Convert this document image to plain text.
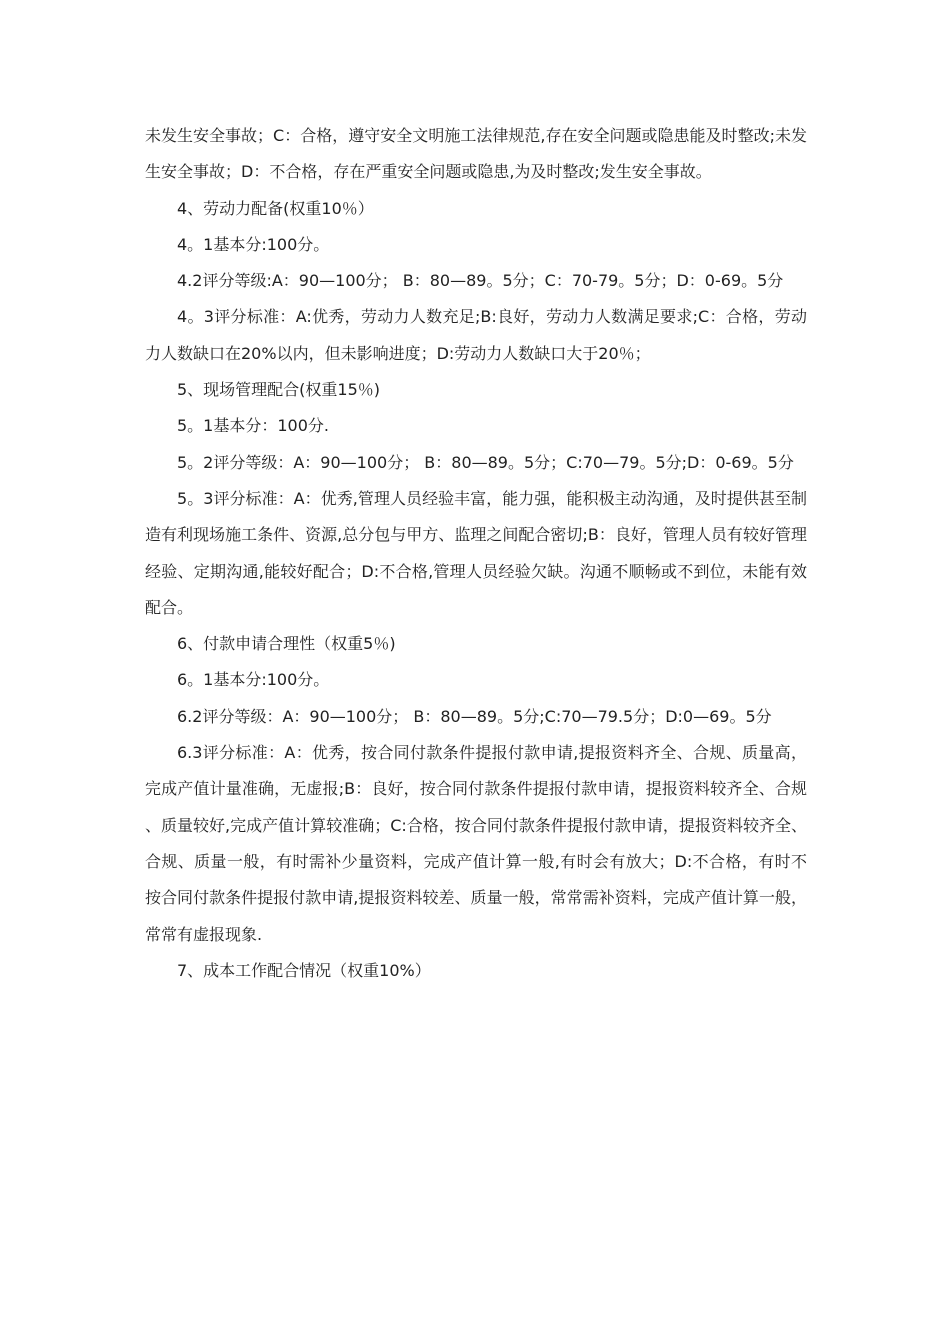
未发生安全事故；C：合格，遵守安全文明施工法律规范,存在安全问题或隐患能及时整改;未发生安全事故；D：不合格，存在严重安全问题或隐患,为及时整改;发生安全事故。

4、劳动力配备(权重10％）

4。1基本分:100分。

4.2评分等级:A：90—100分； B：80—89。5分；C：70-79。5分；D：0-69。5分

4。3评分标准：A:优秀，劳动力人数充足;B:良好，劳动力人数满足要求;C：合格，劳动力人数缺口在20%以内，但未影响进度；D:劳动力人数缺口大于20％；

5、现场管理配合(权重15％)

5。1基本分：100分.

5。2评分等级：A：90—100分； B：80—89。5分；C:70—79。5分;D：0-69。5分

5。3评分标准：A：优秀,管理人员经验丰富，能力强，能积极主动沟通，及时提供甚至制造有利现场施工条件、资源,总分包与甲方、监理之间配合密切;B：良好，管理人员有较好管理经验、定期沟通,能较好配合；D:不合格,管理人员经验欠缺。沟通不顺畅或不到位，未能有效配合。

6、付款申请合理性（权重5％)

6。1基本分:100分。

6.2评分等级：A：90—100分； B：80—89。5分;C:70—79.5分；D:0—69。5分

6.3评分标准：A：优秀，按合同付款条件提报付款申请,提报资料齐全、合规、质量高，完成产值计量准确，无虚报;B：良好，按合同付款条件提报付款申请，提报资料较齐全、合规、质量较好,完成产值计算较准确；C:合格，按合同付款条件提报付款申请，提报资料较齐全、合规、质量一般，有时需补少量资料，完成产值计算一般,有时会有放大；D:不合格，有时不按合同付款条件提报付款申请,提报资料较差、质量一般，常常需补资料，完成产值计算一般，常常有虚报现象.

7、成本工作配合情况（权重10%）
